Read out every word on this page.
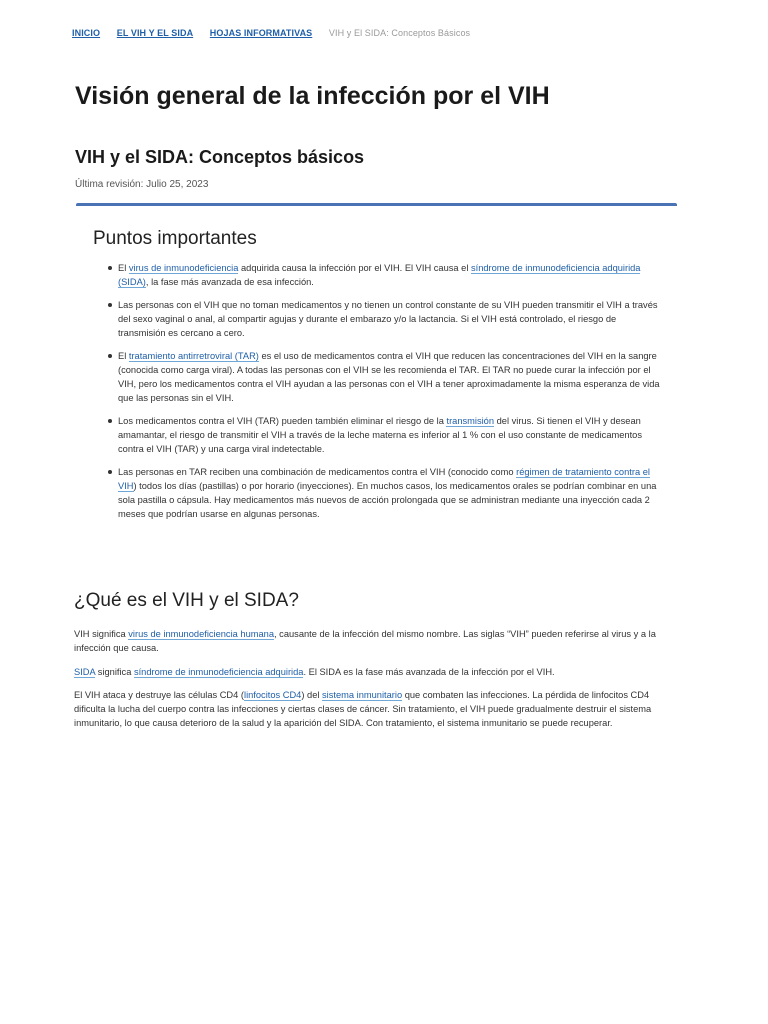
INICIO EL VIH Y EL SIDA HOJAS INFORMATIVAS VIH y El SIDA: Conceptos Básicos
Visión general de la infección por el VIH
VIH y el SIDA: Conceptos básicos
Última revisión: Julio 25, 2023
Puntos importantes
El virus de inmunodeficiencia adquirida causa la infección por el VIH. El VIH causa el síndrome de inmunodeficiencia adquirida (SIDA), la fase más avanzada de esa infección.
Las personas con el VIH que no toman medicamentos y no tienen un control constante de su VIH pueden transmitir el VIH a través del sexo vaginal o anal, al compartir agujas y durante el embarazo y/o la lactancia. Si el VIH está controlado, el riesgo de transmisión es cercano a cero.
El tratamiento antirretroviral (TAR) es el uso de medicamentos contra el VIH que reducen las concentraciones del VIH en la sangre (conocida como carga viral). A todas las personas con el VIH se les recomienda el TAR. El TAR no puede curar la infección por el VIH, pero los medicamentos contra el VIH ayudan a las personas con el VIH a tener aproximadamente la misma esperanza de vida que las personas sin el VIH.
Los medicamentos contra el VIH (TAR) pueden también eliminar el riesgo de la transmisión del virus. Si tienen el VIH y desean amamantar, el riesgo de transmitir el VIH a través de la leche materna es inferior al 1 % con el uso constante de medicamentos contra el VIH (TAR) y una carga viral indetectable.
Las personas en TAR reciben una combinación de medicamentos contra el VIH (conocido como régimen de tratamiento contra el VIH) todos los días (pastillas) o por horario (inyecciones). En muchos casos, los medicamentos orales se podrían combinar en una sola pastilla o cápsula. Hay medicamentos más nuevos de acción prolongada que se administran mediante una inyección cada 2 meses que podrían usarse en algunas personas.
¿Qué es el VIH y el SIDA?

VIH significa virus de inmunodeficiencia humana, causante de la infección del mismo nombre. Las siglas “VIH” pueden referirse al virus y a la infección que causa.

SIDA significa síndrome de inmunodeficiencia adquirida. El SIDA es la fase más avanzada de la infección por el VIH.

El VIH ataca y destruye las células CD4 (linfocitos CD4) del sistema inmunitario que combaten las infecciones. La pérdida de linfocitos CD4 dificulta la lucha del cuerpo contra las infecciones y ciertas clases de cáncer. Sin tratamiento, el VIH puede gradualmente destruir el sistema inmunitario, lo que causa deterioro de la salud y la aparición del SIDA. Con tratamiento, el sistema inmunitario se puede recuperar.
